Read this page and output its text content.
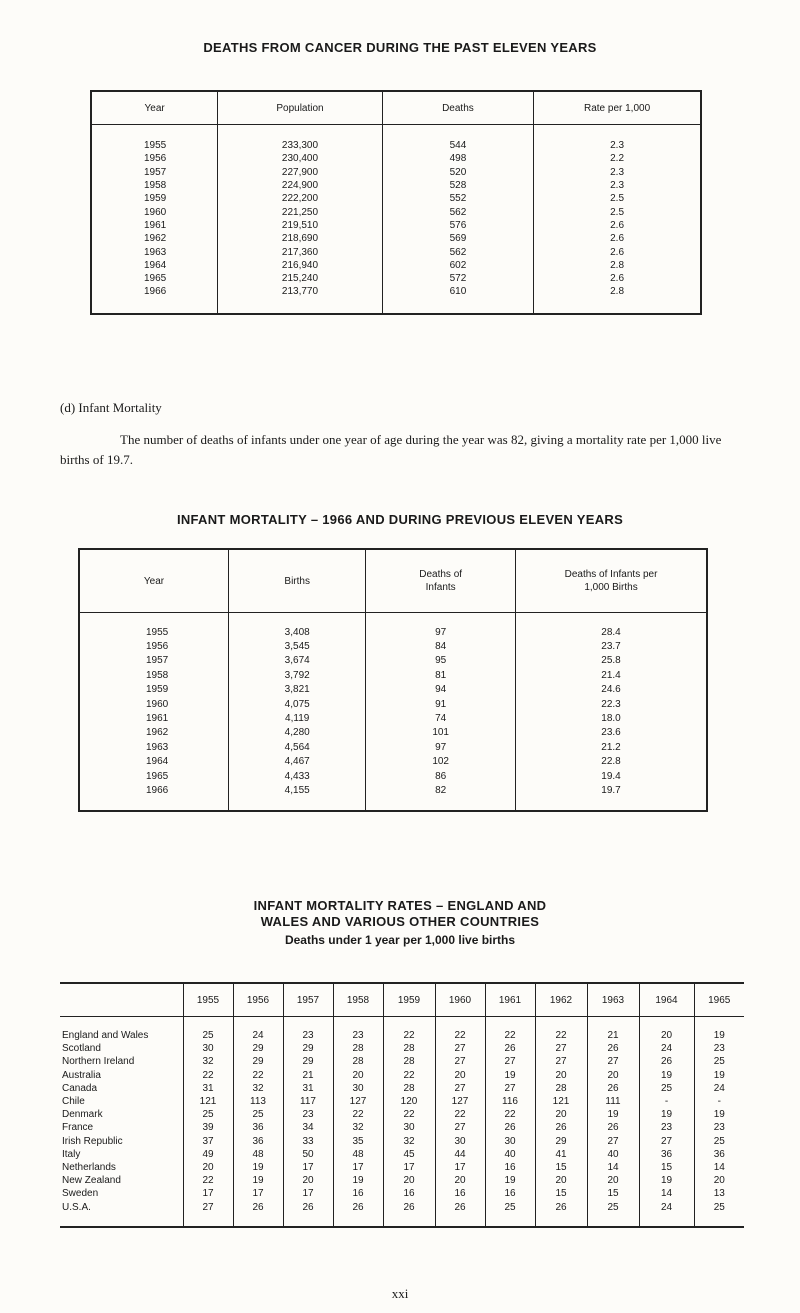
DEATHS FROM CANCER DURING THE PAST ELEVEN YEARS
Year	Population	Deaths	Rate per 1,000

1955	233,300	544	2.3
1956	230,400	498	2.2
1957	227,900	520	2.3
1958	224,900	528	2.3
1959	222,200	552	2.5
1960	221,250	562	2.5
1961	219,510	576	2.6
1962	218,690	569	2.6
1963	217,360	562	2.6
1964	216,940	602	2.8
1965	215,240	572	2.6
1966	213,770	610	2.8

(d) Infant Mortality
The number of deaths of infants under one year of age during the year was 82, giving a mortality rate per 1,000 live births of 19.7.
INFANT MORTALITY – 1966 AND DURING PREVIOUS ELEVEN YEARS
Year	Births	Deaths of Infants	Deaths of Infants per 1,000 Births

1955	3,408	97	28.4
1956	3,545	84	23.7
1957	3,674	95	25.8
1958	3,792	81	21.4
1959	3,821	94	24.6
1960	4,075	91	22.3
1961	4,119	74	18.0
1962	4,280	101	23.6
1963	4,564	97	21.2
1964	4,467	102	22.8
1965	4,433	86	19.4
1966	4,155	82	19.7

INFANT MORTALITY RATES – ENGLAND AND
WALES AND VARIOUS OTHER COUNTRIES
Deaths under 1 year per 1,000 live births
	1955	1956	1957	1958	1959	1960	1961	1962	1963	1964	1965

England and Wales	25	24	23	23	22	22	22	22	21	20	19
Scotland	30	29	29	28	28	27	26	27	26	24	23
Northern Ireland	32	29	29	28	28	27	27	27	27	26	25
Australia	22	22	21	20	22	20	19	20	20	19	19
Canada	31	32	31	30	28	27	27	28	26	25	24
Chile	121	113	117	127	120	127	116	121	111	-	-
Denmark	25	25	23	22	22	22	22	20	19	19	19
France	39	36	34	32	30	27	26	26	26	23	23
Irish Republic	37	36	33	35	32	30	30	29	27	27	25
Italy	49	48	50	48	45	44	40	41	40	36	36
Netherlands	20	19	17	17	17	17	16	15	14	15	14
New Zealand	22	19	20	19	20	20	19	20	20	19	20
Sweden	17	17	17	16	16	16	16	15	15	14	13
U.S.A.	27	26	26	26	26	26	25	26	25	24	25

xxi
